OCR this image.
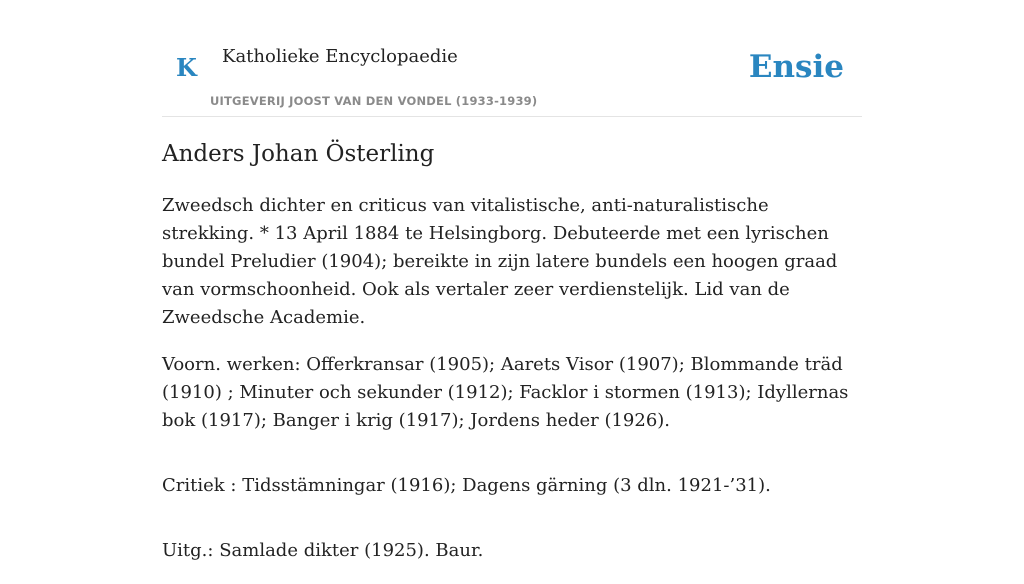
K Katholieke Encyclopaedie
UITGEVERIJ JOOST VAN DEN VONDEL (1933-1939)
Ensie
Anders Johan Österling

Zweedsch dichter en criticus van vitalistische, anti-naturalistische strekking. * 13 April 1884 te Helsingborg. Debuteerde met een lyrischen bundel Preludier (1904); bereikte in zijn latere bundels een hoogen graad van vormschoonheid. Ook als vertaler zeer verdienstelijk. Lid van de Zweedsche Academie.

Voorn. werken: Offerkransar (1905); Aarets Visor (1907); Blommande träd (1910) ; Minuter och sekunder (1912); Facklor i stormen (1913); Idyllernas bok (1917); Banger i krig (1917); Jordens heder (1926).

Critiek : Tidsstämningar (1916); Dagens gärning (3 dln. 1921-’31).

Uitg.: Samlade dikter (1925). Baur.
